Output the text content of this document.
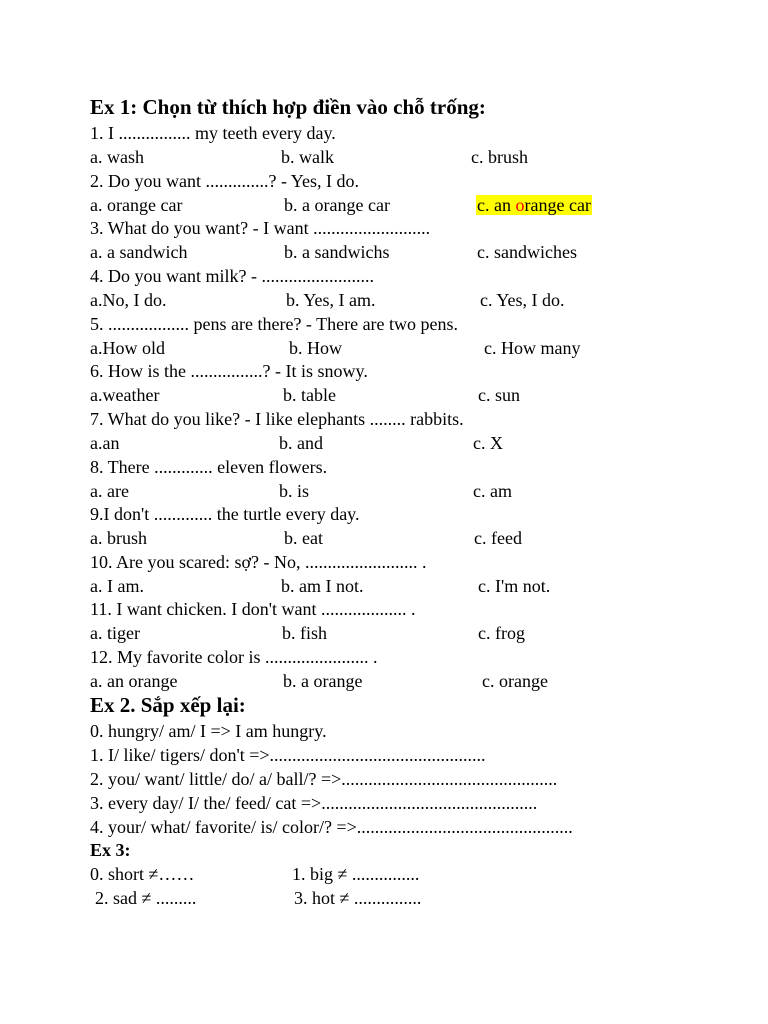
Ex 1: Chọn từ thích hợp điền vào chỗ trống:
1. I ................ my teeth every day.
a. wash	b. walk	c. brush
2. Do you want ..............? - Yes, I do.
a. orange car	b. a orange car	c. an orange car
3. What do you want? - I want ..........................
a. a sandwich	b. a sandwichs	c. sandwiches
4. Do you want milk? - .........................
a.No, I do.	b. Yes, I am.	c. Yes, I do.
5. .................. pens are there? - There are two pens.
a.How old	b. How	c. How many
6. How is the ................? - It is snowy.
a.weather	b. table	c. sun
7. What do you like? - I like elephants ........ rabbits.
a.an	b. and	c. X
8. There ............. eleven flowers.
a. are	b. is	c. am
9.I don't ............. the turtle every day.
a. brush	b. eat	c. feed
10. Are you scared: sợ? - No, ......................... .
a. I am.	b. am I not.	c. I'm not.
11. I want chicken. I don't want ................... .
a. tiger	b. fish	c. frog
12. My favorite color is ....................... .
a. an orange	b. a orange	c. orange
Ex 2. Sắp xếp lại:
0. hungry/ am/ I => I am hungry.
1. I/ like/ tigers/ don't =>................................................
2. you/ want/ little/ do/ a/ ball/? =>................................................
3. every day/ I/ the/ feed/ cat =>................................................
4. your/ what/ favorite/ is/ color/? =>................................................
Ex 3:
0. short ≠……	1. big ≠ ...............
2. sad ≠ .........	3. hot ≠ ...............
